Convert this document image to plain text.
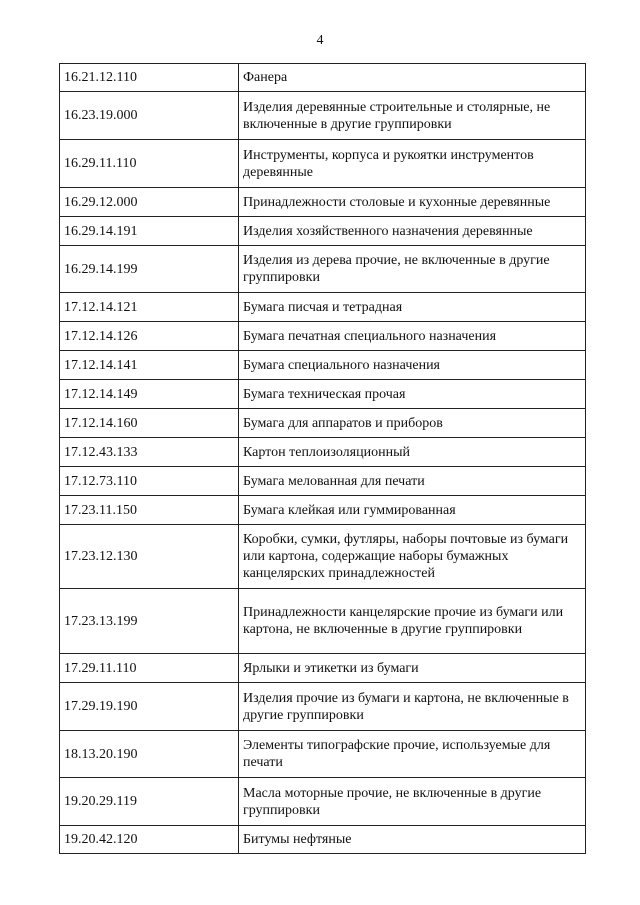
4
16.21.12.110	Фанера
16.23.19.000	Изделия деревянные строительные и столярные, не включенные в другие группировки
16.29.11.110	Инструменты, корпуса и рукоятки инструментов деревянные
16.29.12.000	Принадлежности столовые и кухонные деревянные
16.29.14.191	Изделия хозяйственного назначения деревянные
16.29.14.199	Изделия из дерева прочие, не включенные в другие группировки
17.12.14.121	Бумага писчая и тетрадная
17.12.14.126	Бумага печатная специального назначения
17.12.14.141	Бумага специального назначения
17.12.14.149	Бумага техническая прочая
17.12.14.160	Бумага для аппаратов и приборов
17.12.43.133	Картон теплоизоляционный
17.12.73.110	Бумага мелованная для печати
17.23.11.150	Бумага клейкая или гуммированная
17.23.12.130	Коробки, сумки, футляры, наборы почтовые из бумаги или картона, содержащие наборы бумажных канцелярских принадлежностей
17.23.13.199	Принадлежности канцелярские прочие из бумаги или картона, не включенные в другие группировки
17.29.11.110	Ярлыки и этикетки из бумаги
17.29.19.190	Изделия прочие из бумаги и картона, не включенные в другие группировки
18.13.20.190	Элементы типографские прочие, используемые для печати
19.20.29.119	Масла моторные прочие, не включенные в другие группировки
19.20.42.120	Битумы нефтяные
